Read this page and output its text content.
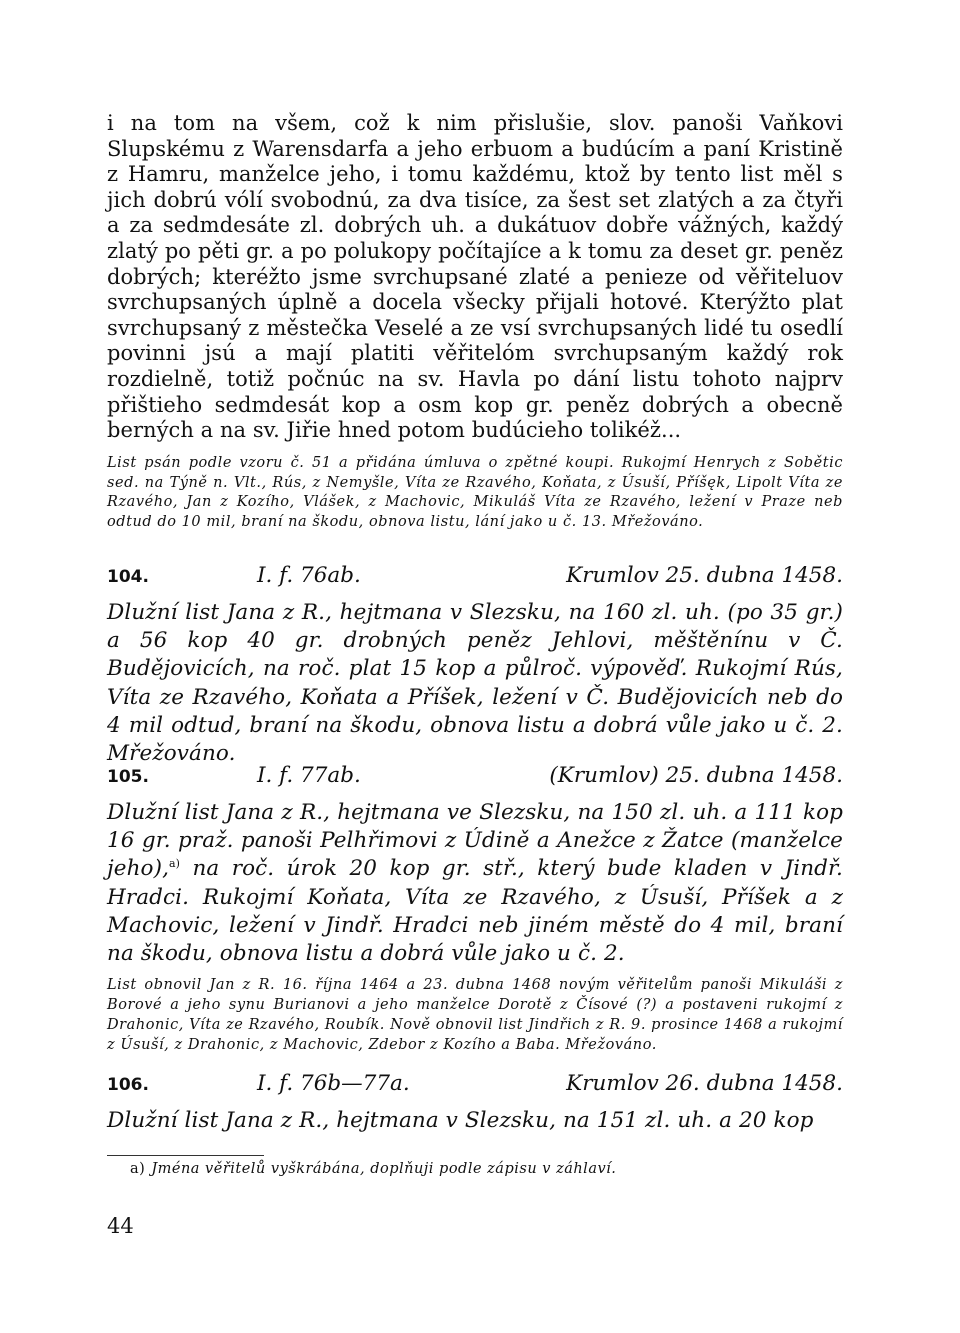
i na tom na všem, což k nim přislušie, slov. panoši Vaňkovi Slupskému z Warensdarfa a jeho erbuom a budúcím a paní Kristině z Hamru, manželce jeho, i tomu každému, ktož by tento list měl s jich dobrú vólí svobodnú, za dva tisíce, za šest set zlatých a za čtyři a za sedmdesáte zl. dobrých uh. a dukátuov dobře vážných, každý zlatý po pěti gr. a po polukopy počítajíce a k tomu za deset gr. peněz dobrých; kteréžto jsme svrchupsané zlaté a penieze od věřiteluov svrchupsaných úplně a docela všecky přijali hotové. Kterýžto plat svrchupsaný z městečka Veselé a ze vsí svrchupsaných lidé tu osedlí povinni jsú a mají platiti věřitelóm svrchupsaným každý rok rozdielně, totiž počnúc na sv. Havla po dání listu tohoto najprv přištieho sedmdesát kop a osm kop gr. peněz dobrých a obecně berných a na sv. Jiřie hned potom budúcieho tolikéž...
List psán podle vzoru č. 51 a přidána úmluva o zpětné koupi. Rukojmí Henrych z Sobětic sed. na Týně n. Vlt., Rús, z Nemyšle, Víta ze Rzavého, Koňata, z Úsuší, Příšęk, Lipolt Víta ze Rzavého, Jan z Kozího, Vlášek, z Machovic, Mikuláš Víta ze Rzavého, ležení v Praze neb odtud do 10 mil, braní na škodu, obnova listu, lání jako u č. 13. Mřežováno.
104.	I. f. 76ab.	Krumlov 25. dubna 1458.
Dlužní list Jana z R., hejtmana v Slezsku, na 160 zl. uh. (po 35 gr.) a 56 kop 40 gr. drobných peněz Jehlovi, měštěnínu v Č. Budějovicích, na roč. plat 15 kop a půlroč. výpověď. Rukojmí Rús, Víta ze Rzavého, Koňata a Příšek, ležení v Č. Budějovicích neb do 4 mil odtud, braní na škodu, obnova listu a dobrá vůle jako u č. 2. Mřežováno.
105.	I. f. 77ab.	(Krumlov) 25. dubna 1458.
Dlužní list Jana z R., hejtmana ve Slezsku, na 150 zl. uh. a 111 kop 16 gr. praž. panoši Pelhřimovi z Údině a Anežce z Žatce (manželce jeho),$^{a)}$ na roč. úrok 20 kop gr. stř., který bude kladen v Jindř. Hradci. Rukojmí Koňata, Víta ze Rzavého, z Úsuší, Příšek a z Machovic, ležení v Jindř. Hradci neb jiném městě do 4 mil, braní na škodu, obnova listu a dobrá vůle jako u č. 2.
List obnovil Jan z R. 16. října 1464 a 23. dubna 1468 novým věřitelům panoši Mikuláši z Borové a jeho synu Burianovi a jeho manželce Dorotě z Čísové (?) a postaveni rukojmí z Drahonic, Víta ze Rzavého, Roubík. Nově obnovil list Jindřich z R. 9. prosince 1468 a rukojmí z Úsuší, z Drahonic, z Machovic, Zdebor z Kozího a Baba. Mřežováno.
106.	I. f. 76b—77a.	Krumlov 26. dubna 1458.
Dlužní list Jana z R., hejtmana v Slezsku, na 151 zl. uh. a 20 kop
a) Jména věřitelů vyškrábána, doplňuji podle zápisu v záhlaví.
44
